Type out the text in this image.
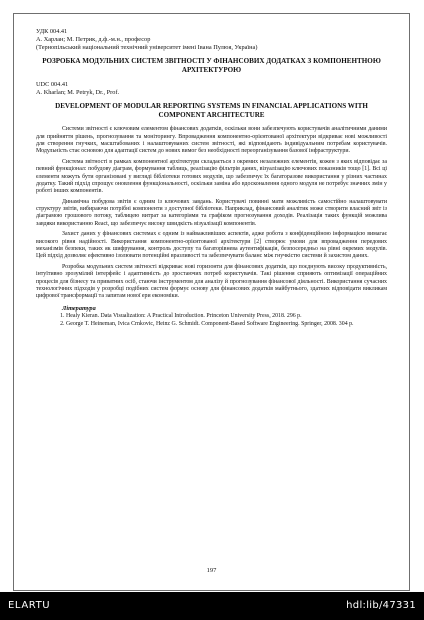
УДК 004.41
А. Харлан; М. Петрик, д.ф.-м.н., професор
(Тернопільський національний технічний університет імені Івана Пулюя, Україна)
РОЗРОБКА МОДУЛЬНИХ СИСТЕМ ЗВІТНОСТІ У ФІНАНСОВИХ ДОДАТКАХ З КОМПОНЕНТНОЮ АРХІТЕКТУРОЮ
UDC 004.41
A. Kharlan; M. Petryk, Dr., Prof.
DEVELOPMENT OF MODULAR REPORTING SYSTEMS IN FINANCIAL APPLICATIONS WITH COMPONENT ARCHITECTURE

Системи звітності є ключовим елементом фінансових додатків, оскільки вони забезпечують користувачів аналітичними даними для прийняття рішень, прогнозування та моніторингу. Впровадження компонентно-орієнтованої архітектури відкриває нові можливості для створення гнучких, масштабованих і налаштовуваних систем звітності, які відповідають індивідуальним потребам користувачів. Модульність стає основою для адаптації систем до нових вимог без необхідності переорганізування базової інфраструктури.

Система звітності в рамках компонентної архітектури складається з окремих незалежних елементів, кожен з яких відповідає за певний функціонал: побудову діаграм, формування таблиць, реалізацію фільтрів даних, візуалізацію ключових показників тощо [1]. Всі ці елементи можуть бути організовані у вигляді бібліотеки готових модулів, що забезпечує їх багаторазове використання у різних частинах додатку. Такий підхід спрощує оновлення функціональності, оскільки заміна або вдосконалення одного модуля не потребує значних змін у роботі інших компонентів.

Динамічна побудова звітів є одним із ключових завдань. Користувачі повинні мати можливість самостійно налаштовувати структуру звітів, вибираючи потрібні компоненти з доступної бібліотеки. Наприклад, фінансовий аналітик може створити власний звіт із діаграмою грошового потоку, таблицею витрат за категоріями та графіком прогнозування доходів. Реалізація таких функцій можлива завдяки використанню React, що забезпечує високу швидкість візуалізації компонентів.

Захист даних у фінансових системах є одним із найважливіших аспектів, адже робота з конфіденційною інформацією вимагає високого рівня надійності. Використання компонентно-орієнтованої архітектури [2] створює умови для впровадження передових механізмів безпеки, таких як шифрування, контроль доступу та багаторівнева аутентифікація, безпосередньо на рівні окремих модулів. Цей підхід дозволяє ефективно ізолювати потенційні вразливості та забезпечувати баланс між гнучкістю системи й захистом даних.

Розробка модульних систем звітності відкриває нові горизонти для фінансових додатків, що поєднують високу продуктивність, інтуїтивно зрозумілий інтерфейс і адаптивність до зростаючих потреб користувачів. Такі рішення сприяють оптимізації операційних процесів для бізнесу та приватних осіб, стаючи інструментом для аналізу й прогнозування фінансової діяльності. Використання сучасних технологічних підходів у розробці подібних систем формує основу для фінансових додатків майбутнього, здатних відповідати викликам цифрової трансформації та запитам нової ери економіки.

Література
1. Healy Kieran. Data Visualization: A Practical Introduction. Princeton University Press, 2018. 296 p.
2. George T. Heineman, Ivica Crnkovic, Heinz G. Schmidt. Component-Based Software Engineering. Springer, 2008. 304 p.
197
ELARTU	hdl:lib/47331
